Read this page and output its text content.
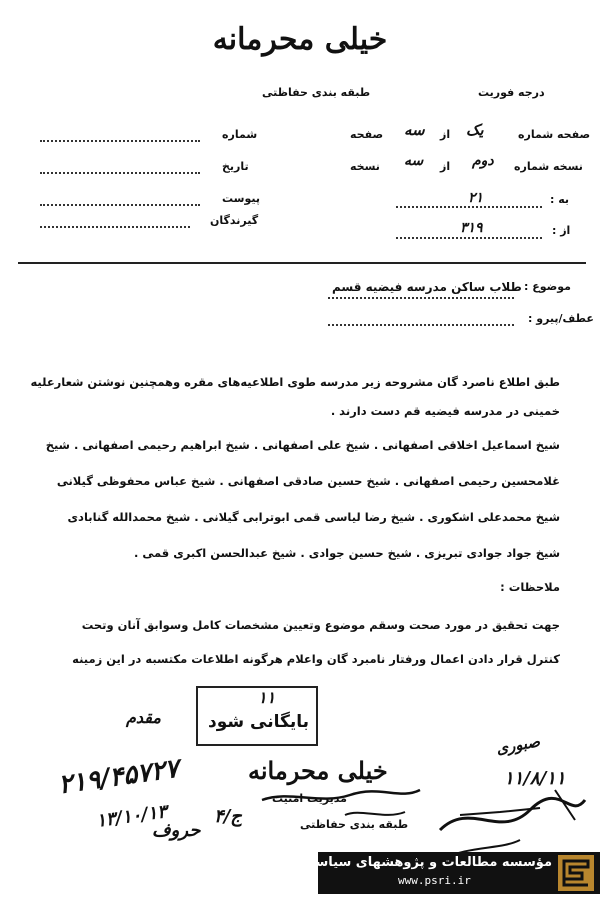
خیلی محرمانه
طبقه بندی حفاظتی	درجه فوریت
شماره
تاریخ
پیوست
گیرندگان
صفحه شماره
یک
از
سه
صفحه
نسخه شماره
دوم
از
سه
نسخه
به :
۲۱
از :
۳۱۹
موضوع :
طلاب ساکن مدرسه فیضیه قسم
عطف/پیرو :
طبق اطلاع ناصرد گان مشروحه زیر مدرسه طوی اطلاعیه‌های مقره وهمچنین نوشتن شعارعلیه
خمینی در مدرسه فیضیه قم دست دارند .
شیخ اسماعیل اخلاقی اصفهانی . شیخ علی اصفهانی . شیخ ابراهیم رحیمی اصفهانی . شیخ
غلامحسین رحیمی اصفهانی . شیخ حسین صادقی اصفهانی . شیخ عباس محفوظی گیلانی
شیخ محمدعلی اشکوری . شیخ رضا لیاسی قمی ابوترابی گیلانی . شیخ محمدالله گنابادی
شیخ جواد جوادی تبریزی . شیخ حسین جوادی . شیخ عبدالحسن اکبری قمی .
ملاحظات :
جهت تحقیق در مورد صحت وسقم موضوع وتعیین مشخصات کامل وسوابق آنان وتحت
کنترل قرار دادن اعمال ورفتار نامبرد گان واعلام هرگونه اطلاعات مکتسبه در این زمینه
۱۱
بایگانی شود
مقدم
۲۱۹/۴۵۷۲۷
۱۳/۱۰/۱۳
حروف
ج/۴
صبوری
۱۱/۸/۱۱
خیلی محرمانه
مدیریت امنیت
طبقه بندی حفاظتی
مؤسسه مطالعات و پژوهشهای سیاسی
www.psri.ir
